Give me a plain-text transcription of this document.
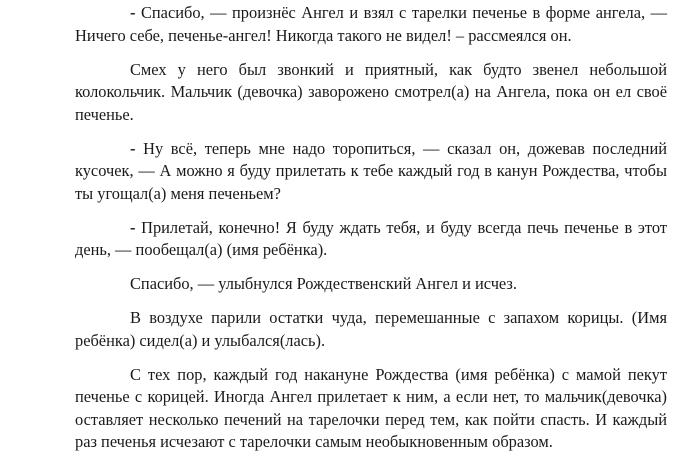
- Спасибо, — произнёс Ангел и взял с тарелки печенье в форме ангела, — Ничего себе, печенье-ангел! Никогда такого не видел! – рассмеялся он.

Смех у него был звонкий и приятный, как будто звенел небольшой колокольчик. Мальчик (девочка) заворожено смотрел(а) на Ангела, пока он ел своё печенье.

- Ну всё, теперь мне надо торопиться, — сказал он, дожевав последний кусочек, — А можно я буду прилетать к тебе каждый год в канун Рождества, чтобы ты угощал(а) меня печеньем?

- Прилетай, конечно! Я буду ждать тебя, и буду всегда печь печенье в этот день, — пообещал(а) (имя ребёнка).

Спасибо, — улыбнулся Рождественский Ангел и исчез.

В воздухе парили остатки чуда, перемешанные с запахом корицы. (Имя ребёнка) сидел(а) и улыбался(лась).

С тех пор, каждый год накануне Рождества (имя ребёнка) с мамой пекут печенье с корицей. Иногда Ангел прилетает к ним, а если нет, то мальчик(девочка) оставляет несколько печений на тарелочки перед тем, как пойти спасть. И каждый раз печенья исчезают с тарелочки самым необыкновенным образом.
